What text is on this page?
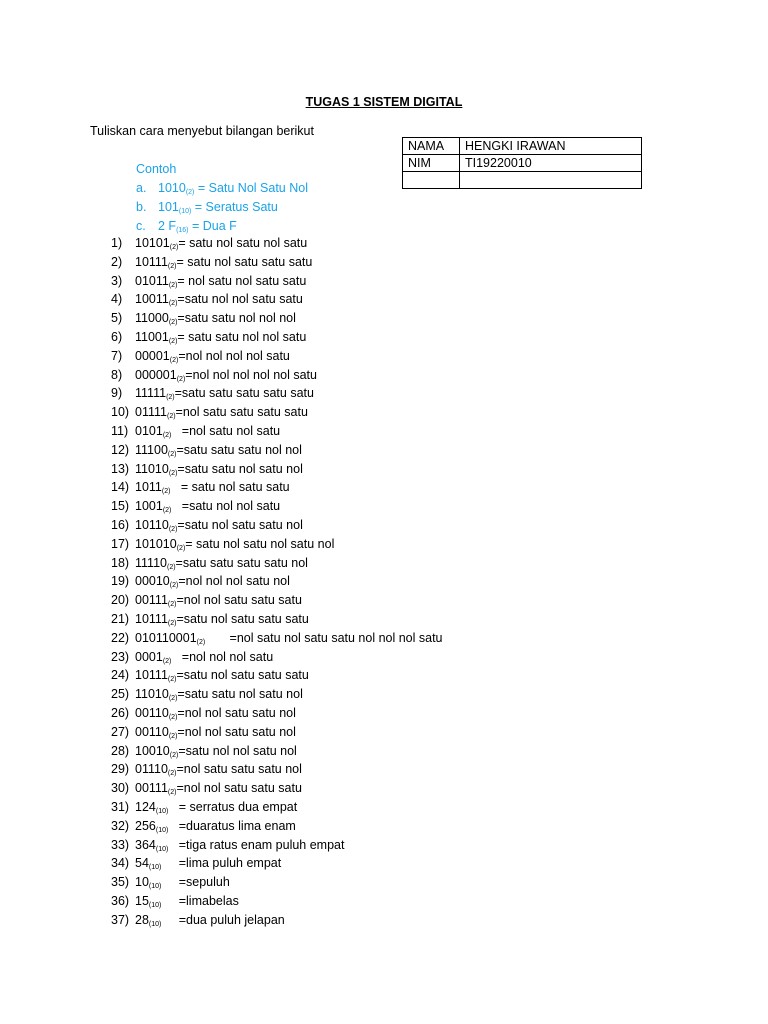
TUGAS 1 SISTEM DIGITAL
Tuliskan cara menyebut bilangan berikut
NAMA	HENGKI IRAWAN
NIM	TI19220010

Contoh
a. $1010_{(2)}$ = Satu Nol Satu Nol
b. $101_{(10)}$ = Seratus Satu
c. 2 $F_{(16)}$ = Dua F
1) $10101_{(2)}=$ satu nol satu nol satu
2) $10111_{(2)}=$ satu nol satu satu satu
3) $01011_{(2)}=$ nol satu nol satu satu
4) $10011_{(2)}=satu$ nol nol satu satu
5) $11000_{(2)}=satu$ satu nol nol nol
6) $11001_{(2)}=$ satu satu nol nol satu
7) $00001_{(2)}=nol$ nol nol nol satu
8) $000001_{(2)}=nol$ nol nol nol nol satu
9) $11111_{(2)}=satu$ satu satu satu satu
10) $01111_{(2)}=nol$ satu satu satu satu
11) $0101_{(2)} =nol$ satu nol satu
12) $11100_{(2)}=satu$ satu satu nol nol
13) $11010_{(2)}=satu$ satu nol satu nol
14) $1011_{(2)}$   = satu nol satu satu
15) $1001_{(2)}$   =satu nol nol satu
16) $10110_{(2)}=satu$ nol satu satu nol
17) $101010_{(2)}=$ satu nol satu nol satu nol
18) $11110_{(2)}=satu$ satu satu satu nol
19) $00010_{(2)}=nol$ nol nol satu nol
20) $00111_{(2)}=nol$ nol satu satu satu
21) $10111_{(2)}=satu$ nol satu satu satu
22) $010110001_{(2)}$       =nol satu nol satu satu nol nol nol satu
23) $0001_{(2)} =nol$ nol nol satu
24) $10111_{(2)}=satu$ nol satu satu satu
25) $11010_{(2)}=satu$ satu nol satu nol
26) $00110_{(2)}=nol$ nol satu satu nol
27) $00110_{(2)}=nol$ nol satu satu nol
28) $10010_{(2)}=satu$ nol nol satu nol
29) $01110_{(2)}=nol$ satu satu satu nol
30) $00111_{(2)}=nol$ nol satu satu satu
31) $124_{(10)}$   = serratus dua empat
32) $256_{(10)}$   =duaratus lima enam
33) $364_{(10)}$   =tiga ratus enam puluh empat
34) $54_{(10)}$     =lima puluh empat
35) $10_{(10)}$     =sepuluh
36) $15_{(10)}$     =limabelas
37) $28_{(10)}$     =dua puluh jelapan
